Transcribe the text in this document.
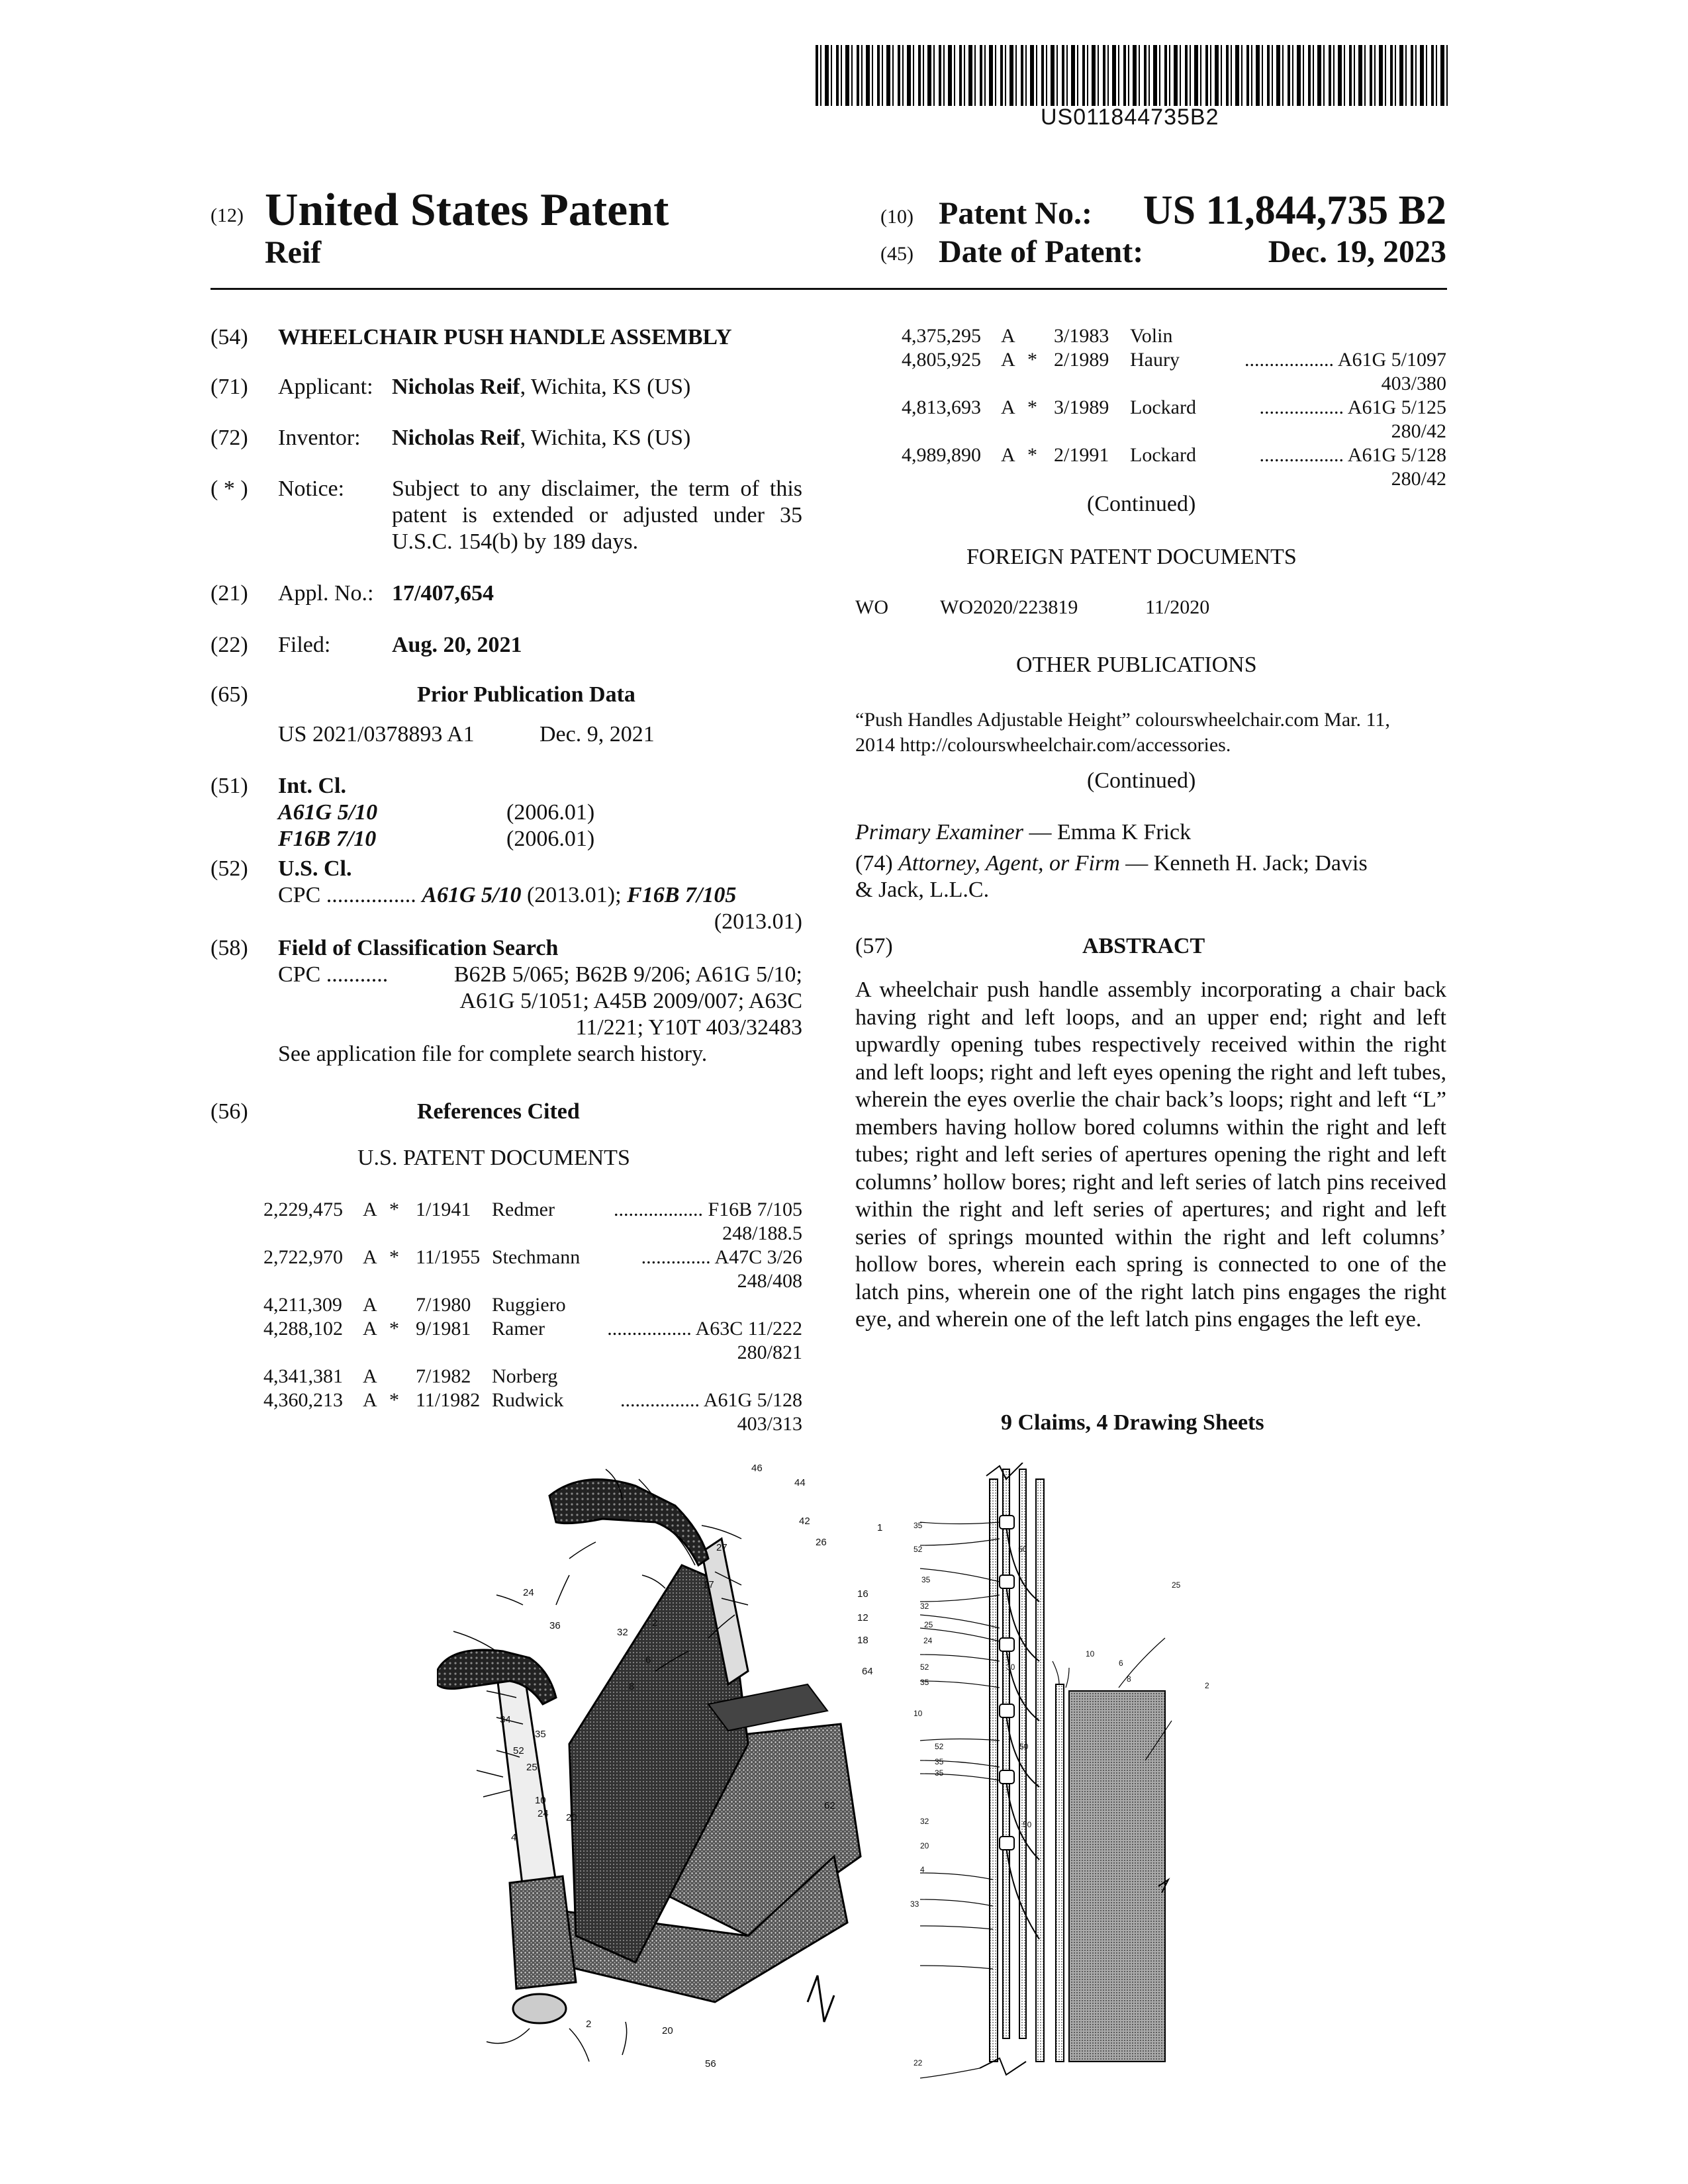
US011844735B2
(12) United States Patent
Reif
(10) Patent No.: US 11,844,735 B2
(45) Date of Patent:	Dec. 19, 2023
(54) WHEELCHAIR PUSH HANDLE ASSEMBLY
(71) Applicant: Nicholas Reif, Wichita, KS (US)
(72) Inventor: Nicholas Reif, Wichita, KS (US)
( * ) Notice: Subject to any disclaimer, the term of this
patent is extended or adjusted under 35
U.S.C. 154(b) by 189 days.
(21) Appl. No.: 17/407,654
(22) Filed:	Aug. 20, 2021
(65)	Prior Publication Data
US 2021/0378893 A1	Dec. 9, 2021
(51) Int. Cl.
A61G 5/10	(2006.01)
F16B 7/10	(2006.01)
(52) U.S. Cl.
CPC ................ A61G 5/10 (2013.01); F16B 7/105
(2013.01)
(58) Field of Classification Search
CPC ...........	B62B 5/065; B62B 9/206; A61G 5/10;
A61G 5/1051; A45B 2009/007; A63C
11/221; Y10T 403/32483
See application file for complete search history.
(56)	References Cited
U.S. PATENT DOCUMENTS
2,229,475 A * 1/1941 Redmer	.................. F16B 7/105
248/188.5
2,722,970 A * 11/1955 Stechmann	.............. A47C 3/26
248/408
4,211,309 A 7/1980 Ruggiero
4,288,102 A * 9/1981 Ramer	................. A63C 11/222
280/821
4,341,381 A 7/1982 Norberg
4,360,213 A * 11/1982 Rudwick	................ A61G 5/128
403/313
4,375,295 A 3/1983 Volin
4,805,925 A * 2/1989 Haury	.................. A61G 5/1097
403/380
4,813,693 A * 3/1989 Lockard	................. A61G 5/125
280/42
4,989,890 A * 2/1991 Lockard	................. A61G 5/128
280/42
(Continued)
FOREIGN PATENT DOCUMENTS
WO	WO2020/223819	11/2020
OTHER PUBLICATIONS
“Push Handles Adjustable Height” colourswheelchair.com Mar. 11,
2014 http://colourswheelchair.com/accessories.
(Continued)
Primary Examiner — Emma K Frick
(74) Attorney, Agent, or Firm — Kenneth H. Jack; Davis
& Jack, L.L.C.
(57)	ABSTRACT
A wheelchair push handle assembly incorporating a chair back having right and left loops, and an upper end; right and left upwardly opening tubes respectively received within the right and left loops; right and left eyes opening the right and left tubes, wherein the eyes overlie the chair back’s loops; right and left “L” members having hollow bored columns within the right and left tubes; right and left series of apertures opening the right and left columns’ hollow bores; right and left series of latch pins received within the right and left series of apertures; and right and left series of springs mounted within the right and left columns’ hollow bores, wherein each spring is connected to one of the latch pins, wherein one of the right latch pins engages the right eye, and wherein one of the left latch pins engages the left eye.
9 Claims, 4 Drawing Sheets
46
44
42
1
26
27
17
16
12
18
64
24
36
32
2
6
8
34
35
52
25
10
24 20
4
62
2
20
56
35
52	50
35
32
25
24
52
35
10
52
35
35
30
50
50
25
10
6
8
2
32
20
4
33
22
